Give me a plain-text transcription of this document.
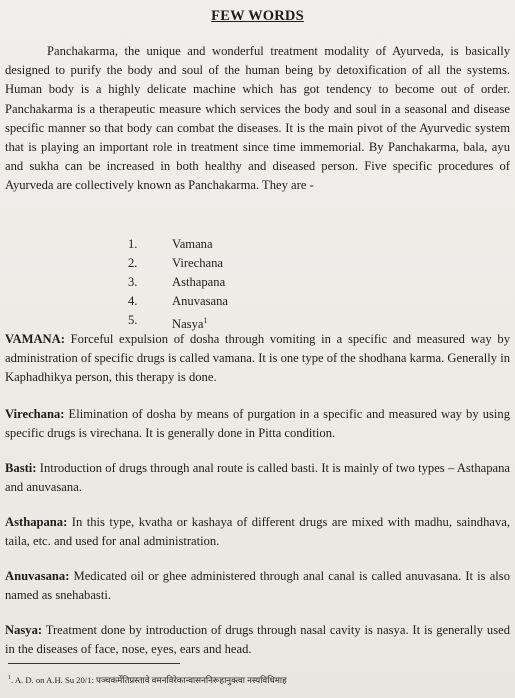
FEW WORDS

Panchakarma, the unique and wonderful treatment modality of Ayurveda, is basically designed to purify the body and soul of the human being by detoxification of all the systems. Human body is a highly delicate machine which has got tendency to become out of order. Panchakarma is a therapeutic measure which services the body and soul in a seasonal and disease specific manner so that body can combat the diseases. It is the main pivot of the Ayurvedic system that is playing an important role in treatment since time immemorial. By Panchakarma, bala, ayu and sukha can be increased in both healthy and diseased person. Five specific procedures of Ayurveda are collectively known as Panchakarma. They are -

1.	Vamana
2.	Virechana
3.	Asthapana
4.	Anuvasana
5.	Nasya$^1$

VAMANA: Forceful expulsion of dosha through vomiting in a specific and measured way by administration of specific drugs is called vamana. It is one type of the shodhana karma. Generally in Kaphadhikya person, this therapy is done.

Virechana: Elimination of dosha by means of purgation in a specific and measured way by using specific drugs is virechana. It is generally done in Pitta condition.

Basti: Introduction of drugs through anal route is called basti. It is mainly of two types – Asthapana and anuvasana.

Asthapana: In this type, kvatha or kashaya of different drugs are mixed with madhu, saindhava, taila, etc. and used for anal administration.

Anuvasana: Medicated oil or ghee administered through anal canal is called anuvasana. It is also named as snehabasti.

Nasya: Treatment done by introduction of drugs through nasal cavity is nasya. It is generally used in the diseases of face, nose, eyes, ears and head.

$^1$. A. D. on A.H. Su 20/1: पञ्चकर्मेतिप्रस्तावे वमनविरेकान्वासननिरूहानुक्त्वा नस्यविधिमाह
